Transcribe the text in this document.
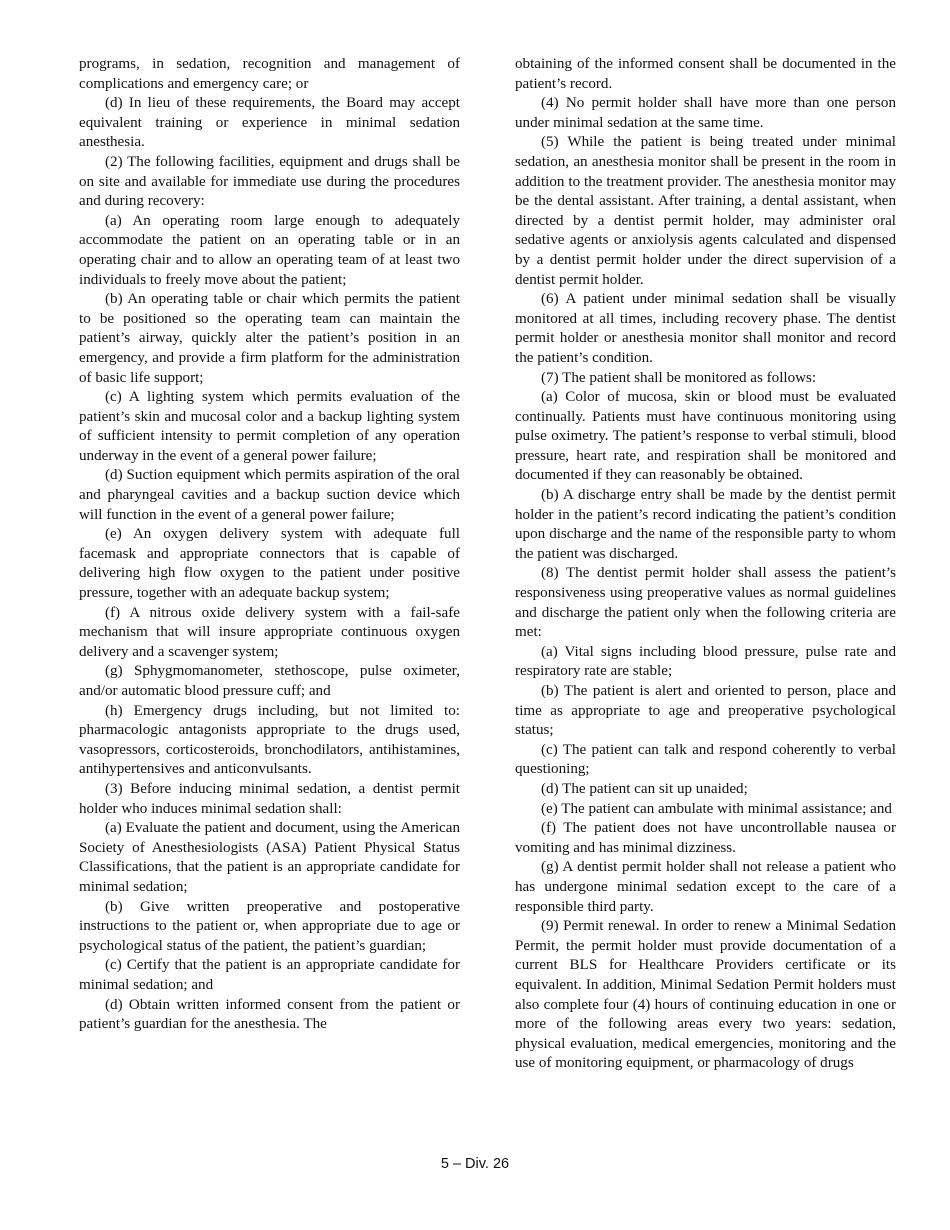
programs, in sedation, recognition and management of complications and emergency care; or

(d) In lieu of these requirements, the Board may accept equivalent training or experience in minimal sedation anesthesia.

(2) The following facilities, equipment and drugs shall be on site and available for immediate use during the procedures and during recovery:

(a) An operating room large enough to adequately accommodate the patient on an operating table or in an operating chair and to allow an operating team of at least two individuals to freely move about the patient;

(b) An operating table or chair which permits the patient to be positioned so the operating team can maintain the patient’s airway, quickly alter the patient’s position in an emergency, and provide a firm platform for the administration of basic life support;

(c) A lighting system which permits evaluation of the patient’s skin and mucosal color and a backup lighting system of sufficient intensity to permit completion of any operation underway in the event of a general power failure;

(d) Suction equipment which permits aspiration of the oral and pharyngeal cavities and a backup suction device which will function in the event of a general power failure;

(e) An oxygen delivery system with adequate full facemask and appropriate connectors that is capable of delivering high flow oxygen to the patient under positive pressure, together with an adequate backup system;

(f) A nitrous oxide delivery system with a fail-safe mechanism that will insure appropriate continuous oxygen delivery and a scavenger system;

(g) Sphygmomanometer, stethoscope, pulse oximeter, and/or automatic blood pressure cuff; and

(h) Emergency drugs including, but not limited to: pharmacologic antagonists appropriate to the drugs used, vasopressors, corticosteroids, bronchodilators, antihistamines, antihypertensives and anticonvulsants.

(3) Before inducing minimal sedation, a dentist permit holder who induces minimal sedation shall:

(a) Evaluate the patient and document, using the American Society of Anesthesiologists (ASA) Patient Physical Status Classifications, that the patient is an appropriate candidate for minimal sedation;

(b) Give written preoperative and postoperative instructions to the patient or, when appropriate due to age or psychological status of the patient, the patient’s guardian;

(c) Certify that the patient is an appropriate candidate for minimal sedation; and

(d) Obtain written informed consent from the patient or patient’s guardian for the anesthesia. The

obtaining of the informed consent shall be documented in the patient’s record.

(4) No permit holder shall have more than one person under minimal sedation at the same time.

(5) While the patient is being treated under minimal sedation, an anesthesia monitor shall be present in the room in addition to the treatment provider. The anesthesia monitor may be the dental assistant. After training, a dental assistant, when directed by a dentist permit holder, may administer oral sedative agents or anxiolysis agents calculated and dispensed by a dentist permit holder under the direct supervision of a dentist permit holder.

(6) A patient under minimal sedation shall be visually monitored at all times, including recovery phase. The dentist permit holder or anesthesia monitor shall monitor and record the patient’s condition.

(7) The patient shall be monitored as follows:

(a) Color of mucosa, skin or blood must be evaluated continually. Patients must have continuous monitoring using pulse oximetry. The patient’s response to verbal stimuli, blood pressure, heart rate, and respiration shall be monitored and documented if they can reasonably be obtained.

(b) A discharge entry shall be made by the dentist permit holder in the patient’s record indicating the patient’s condition upon discharge and the name of the responsible party to whom the patient was discharged.

(8) The dentist permit holder shall assess the patient’s responsiveness using preoperative values as normal guidelines and discharge the patient only when the following criteria are met:

(a) Vital signs including blood pressure, pulse rate and respiratory rate are stable;

(b) The patient is alert and oriented to person, place and time as appropriate to age and preoperative psychological status;

(c) The patient can talk and respond coherently to verbal questioning;

(d) The patient can sit up unaided;

(e) The patient can ambulate with minimal assistance; and

(f) The patient does not have uncontrollable nausea or vomiting and has minimal dizziness.

(g) A dentist permit holder shall not release a patient who has undergone minimal sedation except to the care of a responsible third party.

(9) Permit renewal. In order to renew a Minimal Sedation Permit, the permit holder must provide documentation of a current BLS for Healthcare Providers certificate or its equivalent. In addition, Minimal Sedation Permit holders must also complete four (4) hours of continuing education in one or more of the following areas every two years: sedation, physical evaluation, medical emergencies, monitoring and the use of monitoring equipment, or pharmacology of drugs

5 – Div. 26
